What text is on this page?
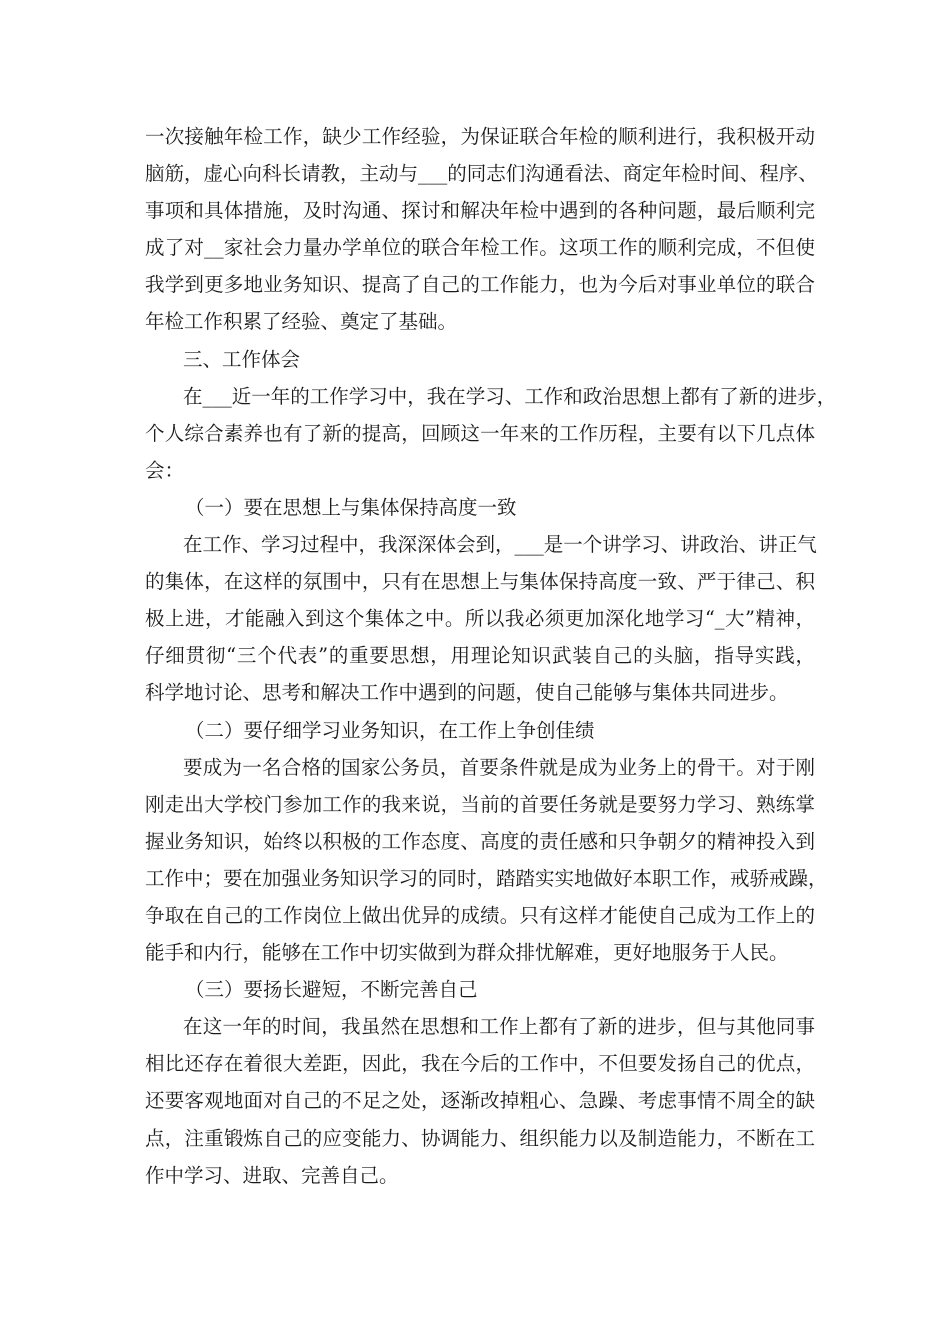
一次接触年检工作，缺少工作经验，为保证联合年检的顺利进行，我积极开动
脑筋，虚心向科长请教，主动与___的同志们沟通看法、商定年检时间、程序、
事项和具体措施，及时沟通、探讨和解决年检中遇到的各种问题，最后顺利完
成了对__家社会力量办学单位的联合年检工作。这项工作的顺利完成，不但使
我学到更多地业务知识、提高了自己的工作能力，也为今后对事业单位的联合
年检工作积累了经验、奠定了基础。
三、工作体会
在___近一年的工作学习中，我在学习、工作和政治思想上都有了新的进步，
个人综合素养也有了新的提高，回顾这一年来的工作历程，主要有以下几点体
会：
（一）要在思想上与集体保持高度一致
在工作、学习过程中，我深深体会到，___是一个讲学习、讲政治、讲正气
的集体，在这样的氛围中，只有在思想上与集体保持高度一致、严于律己、积
极上进，才能融入到这个集体之中。所以我必须更加深化地学习“_大”精神，
仔细贯彻“三个代表”的重要思想，用理论知识武装自己的头脑，指导实践，
科学地讨论、思考和解决工作中遇到的问题，使自己能够与集体共同进步。
（二）要仔细学习业务知识，在工作上争创佳绩
要成为一名合格的国家公务员，首要条件就是成为业务上的骨干。对于刚
刚走出大学校门参加工作的我来说，当前的首要任务就是要努力学习、熟练掌
握业务知识，始终以积极的工作态度、高度的责任感和只争朝夕的精神投入到
工作中；要在加强业务知识学习的同时，踏踏实实地做好本职工作，戒骄戒躁，
争取在自己的工作岗位上做出优异的成绩。只有这样才能使自己成为工作上的
能手和内行，能够在工作中切实做到为群众排忧解难，更好地服务于人民。
（三）要扬长避短，不断完善自己
在这一年的时间，我虽然在思想和工作上都有了新的进步，但与其他同事
相比还存在着很大差距，因此，我在今后的工作中，不但要发扬自己的优点，
还要客观地面对自己的不足之处，逐渐改掉粗心、急躁、考虑事情不周全的缺
点，注重锻炼自己的应变能力、协调能力、组织能力以及制造能力，不断在工
作中学习、进取、完善自己。
